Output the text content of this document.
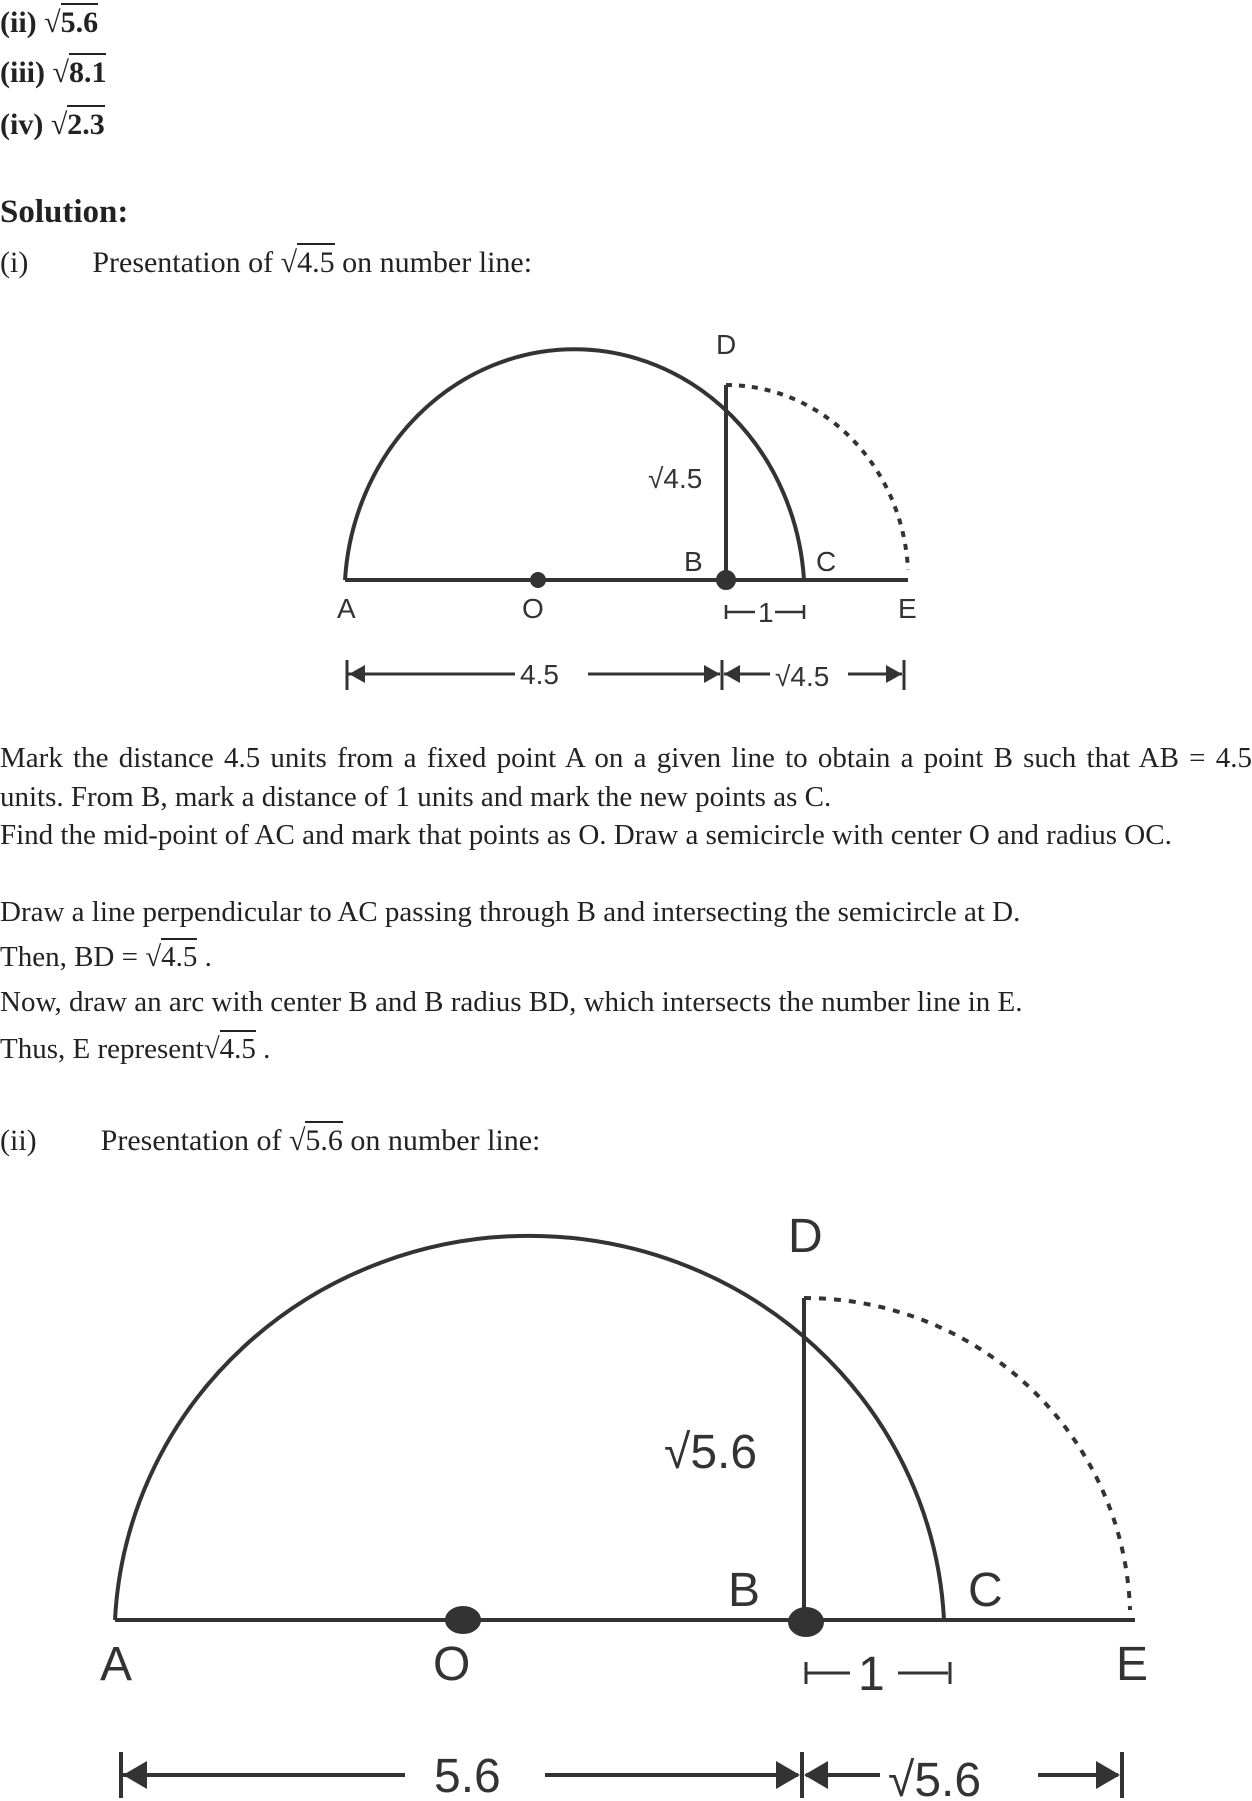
(ii) √5.6
(iii) √8.1
(iv) √2.3
Solution:
(i) Presentation of √4.5 on number line:
A	O
B	C
D
E
√4.5
1
4.5	√4.5
A	O
B	C
D
E
√5.6
1
5.6	√5.6
Mark the distance 4.5 units from a fixed point A on a given line to obtain a point B such that AB = 4.5 units. From B, mark a distance of 1 units and mark the new points as C.
Find the mid-point of AC and mark that points as O. Draw a semicircle with center O and radius OC.
Draw a line perpendicular to AC passing through B and intersecting the semicircle at D.
Then, BD = √4.5 .
Now, draw an arc with center B and B radius BD, which intersects the number line in E.
Thus, E represent√4.5 .
(ii) Presentation of √5.6 on number line:
